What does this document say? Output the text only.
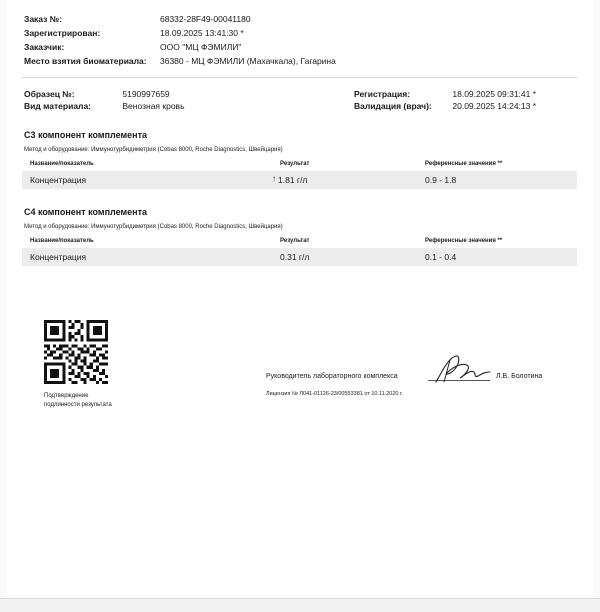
Заказ №:	68332-28F49-00041180
Зарегистрирован:	18.09.2025 13:41:30 *
Заказчик:	ООО "МЦ ФЭМИЛИ"
Место взятия биоматериала:	36380 - МЦ ФЭМИЛИ (Махачкала), Гагарина
Образец №:	5190997659
Вид материала:	Венозная кровь
Регистрация:	18.09.2025 09:31:41 *
Валидация (врач): 20.09.2025 14:24:13 *
C3 компонент комплемента
Метод и оборудование: Иммунотурбидиметрия (Cobas 8000, Roche Diagnostics, Швейцария)
Название/показатель	Результат	Референсные значения **
Концентрация	↑ 1.81 г/л	0.9 - 1.8
C4 компонент комплемента
Метод и оборудование: Иммунотурбидиметрия (Cobas 8000, Roche Diagnostics, Швейцария)
Название/показатель	Результат	Референсные значения **
Концентрация	0.31 г/л	0.1 - 0.4
Подтверждение
подлинности результата
Руководитель лабораторного комплекса	Л.В. Болотина
Лицензия № Л041-01126-23/00553381 от 10.11.2020 г.
